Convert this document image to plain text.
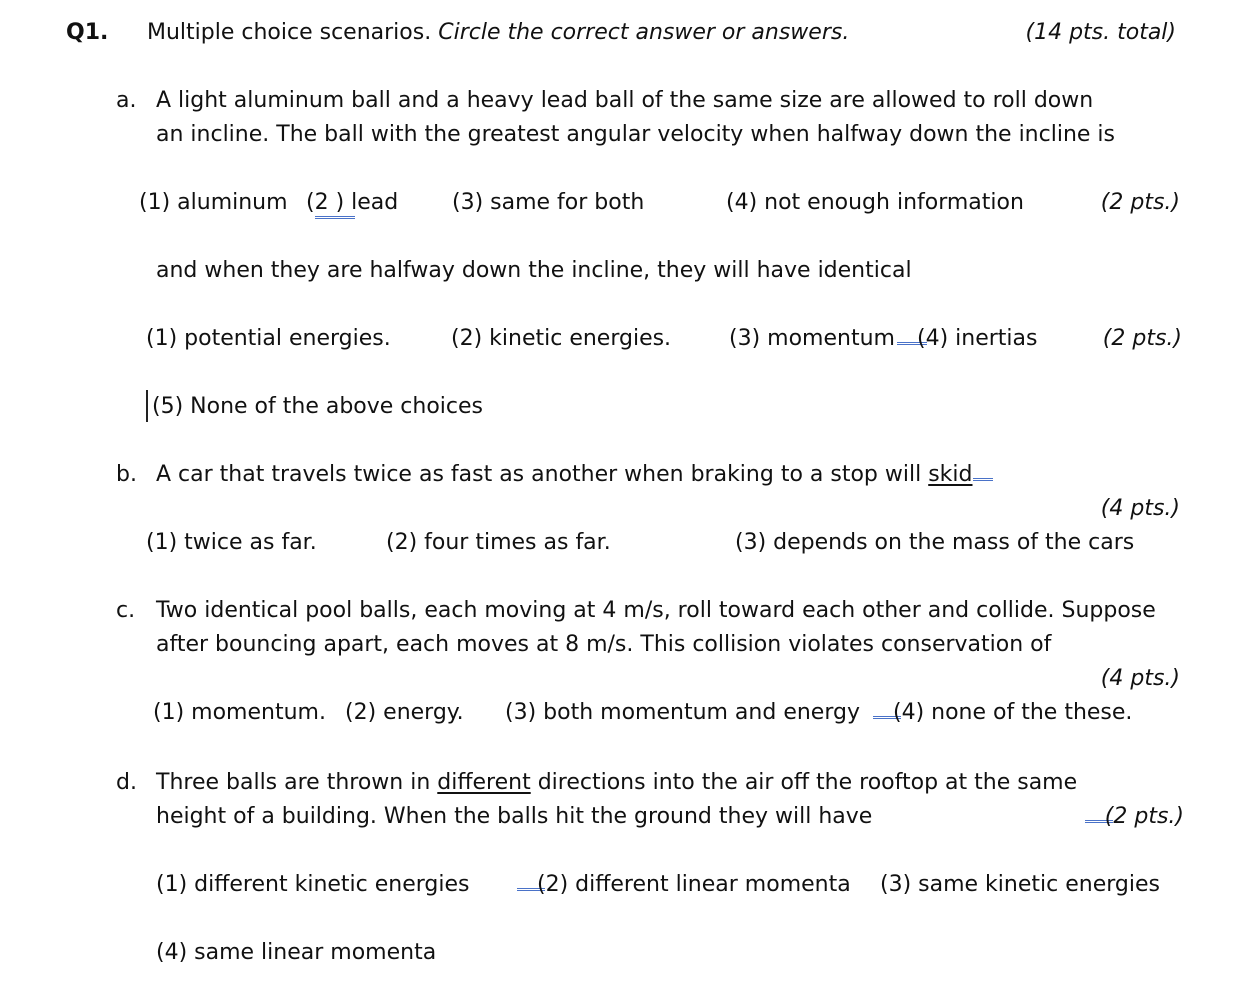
Q1. Multiple choice scenarios. Circle the correct answer or answers.	(14 pts. total)
a. A light aluminum ball and a heavy lead ball of the same size are allowed to roll down
an incline. The ball with the greatest angular velocity when halfway down the incline is
(1) aluminum (2 ) lead (3) same for both	(4) not enough information	(2 pts.)
and when they are halfway down the incline, they will have identical
(1) potential energies.	(2) kinetic energies.	(3) momentum	(4) inertias	(2 pts.)
(5) None of the above choices
b. A car that travels twice as fast as another when braking to a stop will skid
(4 pts.)
(1) twice as far.	(2) four times as far.	(3) depends on the mass of the cars
c. Two identical pool balls, each moving at 4 m/s, roll toward each other and collide. Suppose
after bouncing apart, each moves at 8 m/s. This collision violates conservation of
(4 pts.)
(1) momentum. (2) energy. (3) both momentum and energy	(4) none of the these.
d. Three balls are thrown in different directions into the air off the rooftop at the same
height of a building. When the balls hit the ground they will have	(2 pts.)
(1) different kinetic energies	(2) different linear momenta (3) same kinetic energies
(4) same linear momenta
